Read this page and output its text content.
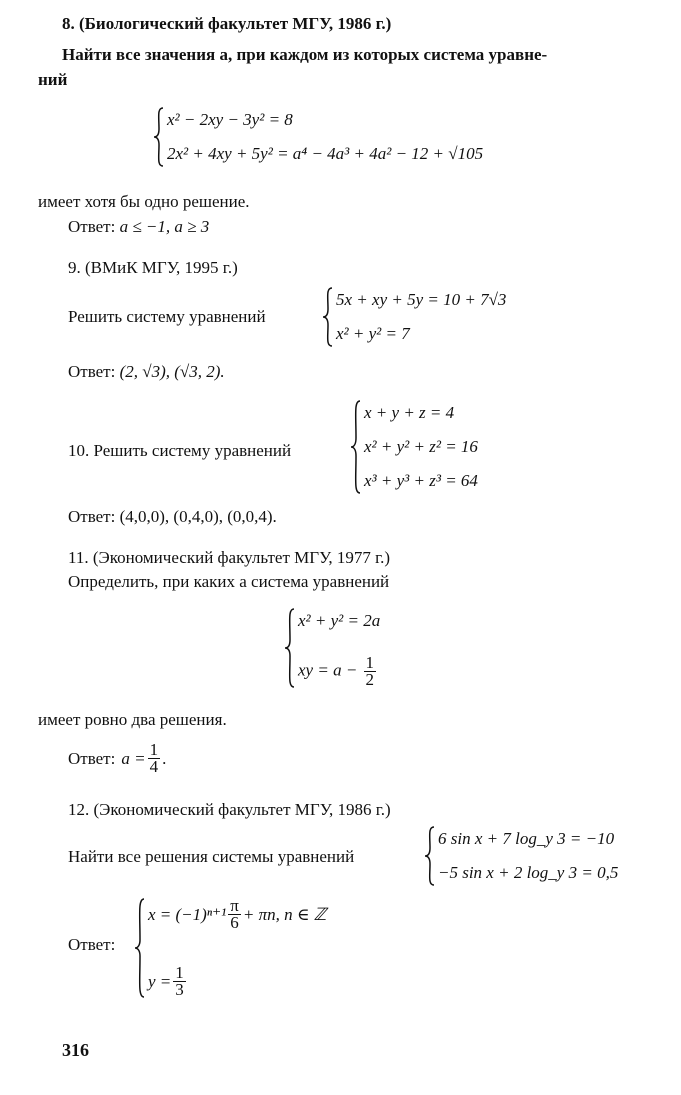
8. (Биологический факультет МГУ, 1986 г.)
Найти все значения a, при каждом из которых система уравне-
ний
x² − 2xy − 3y² = 8
2x² + 4xy + 5y² = a⁴ − 4a³ + 4a² − 12 + √105
имеет хотя бы одно решение.
Ответ: a ≤ −1, a ≥ 3
9. (ВМиК МГУ, 1995 г.)
Решить систему уравнений
5x + xy + 5y = 10 + 7√3
x² + y² = 7
Ответ: (2, √3), (√3, 2).
10. Решить систему уравнений
x + y + z = 4
x² + y² + z² = 16
x³ + y³ + z³ = 64
Ответ: (4,0,0), (0,4,0), (0,0,4).
11. (Экономический факультет МГУ, 1977 г.)
Определить, при каких a система уравнений
x² + y² = 2a
xy = $a - \frac{1}{2}$
имеет ровно два решения.
Ответ: $a = \frac{1}{4}$ .
12. (Экономический факультет МГУ, 1986 г.)
Найти все решения системы уравнений
6 sin x + 7 log_y 3 = −10
−5 sin x + 2 log_y 3 = 0,5
Ответ:
$x = (-1)^{n+1} \frac{\pi}{6} + \pi n$, n ∈ ℤ
$y = \frac{1}{3}$
316
